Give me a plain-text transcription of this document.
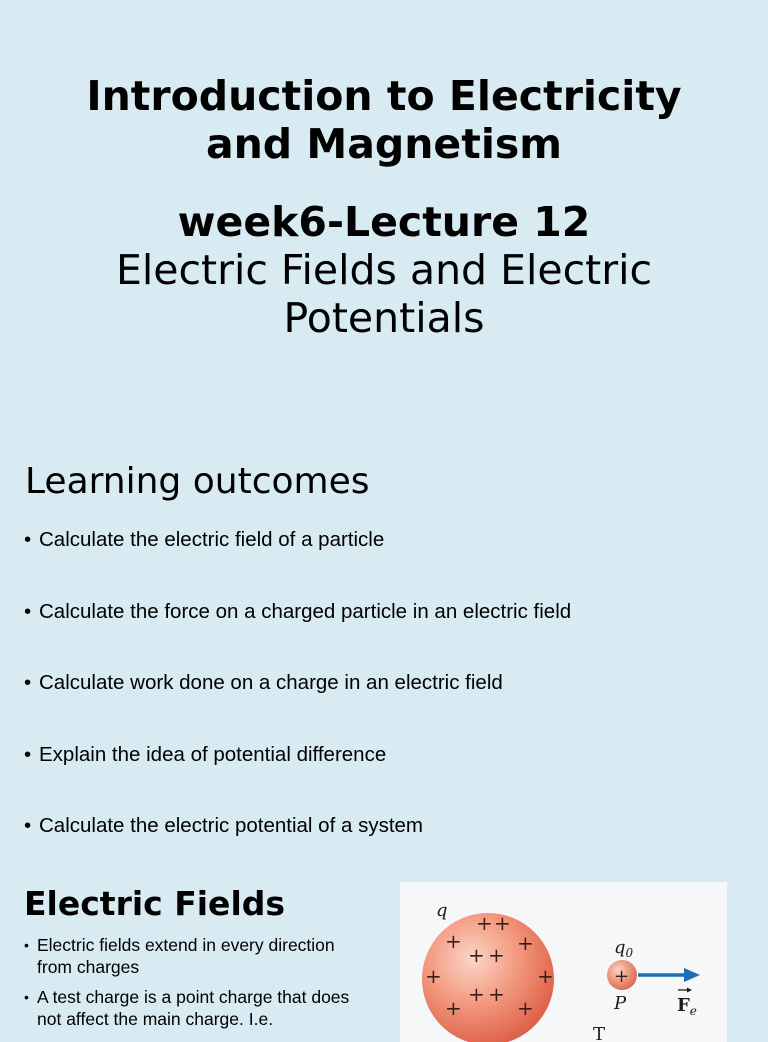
Introduction to Electricity
and Magnetism
week6-Lecture 12
Electric Fields and Electric
Potentials
Learning outcomes
• Calculate the electric field of a particle
• Calculate the force on a charged particle in an electric field
• Calculate work done on a charge in an electric field
• Explain the idea of potential difference
• Calculate the electric potential of a system
Electric Fields
• Electric fields extend in every direction from charges
• A test charge is a point charge that does not affect the main charge. I.e.
+ +
+	+
+ +
+	+
+ +
+	+
q
+
$q_0$
P	$F_e$
T
